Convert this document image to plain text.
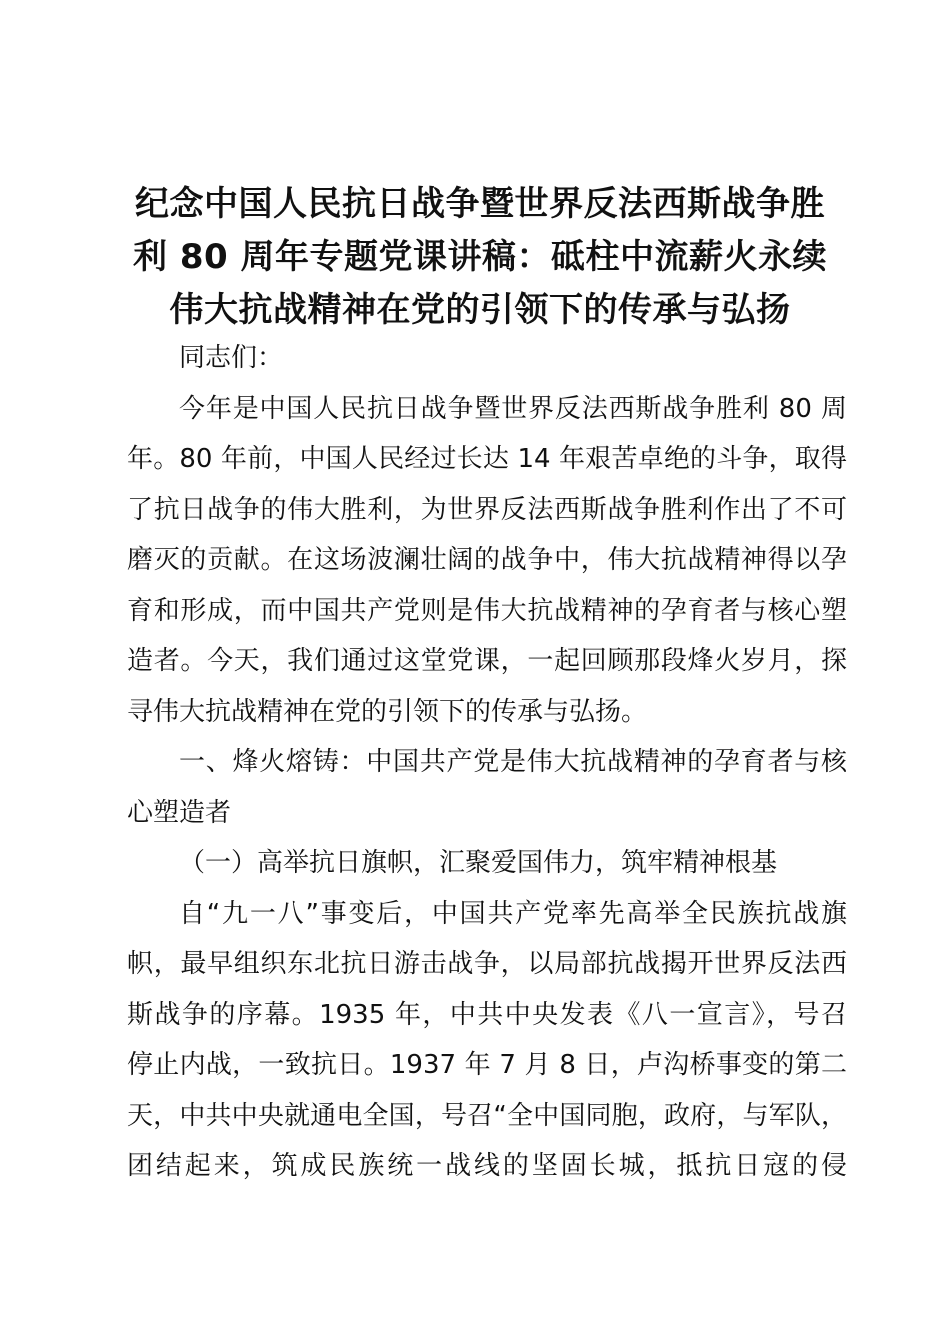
纪念中国人民抗日战争暨世界反法西斯战争胜
利 80 周年专题党课讲稿：砥柱中流薪火永续
伟大抗战精神在党的引领下的传承与弘扬

同志们：

今年是中国人民抗日战争暨世界反法西斯战争胜利 80 周
年。80 年前，中国人民经过长达 14 年艰苦卓绝的斗争，取得
了抗日战争的伟大胜利，为世界反法西斯战争胜利作出了不可
磨灭的贡献。在这场波澜壮阔的战争中，伟大抗战精神得以孕
育和形成，而中国共产党则是伟大抗战精神的孕育者与核心塑
造者。今天，我们通过这堂党课，一起回顾那段烽火岁月，探
寻伟大抗战精神在党的引领下的传承与弘扬。

一、烽火熔铸：中国共产党是伟大抗战精神的孕育者与核
心塑造者

（一）高举抗日旗帜，汇聚爱国伟力，筑牢精神根基

自“九一八”事变后，中国共产党率先高举全民族抗战旗
帜，最早组织东北抗日游击战争，以局部抗战揭开世界反法西
斯战争的序幕。1935 年，中共中央发表《八一宣言》，号召
停止内战，一致抗日。1937 年 7 月 8 日，卢沟桥事变的第二
天，中共中央就通电全国，号召“全中国同胞，政府，与军队，
团结起来，筑成民族统一战线的坚固长城，抵抗日寇的侵
